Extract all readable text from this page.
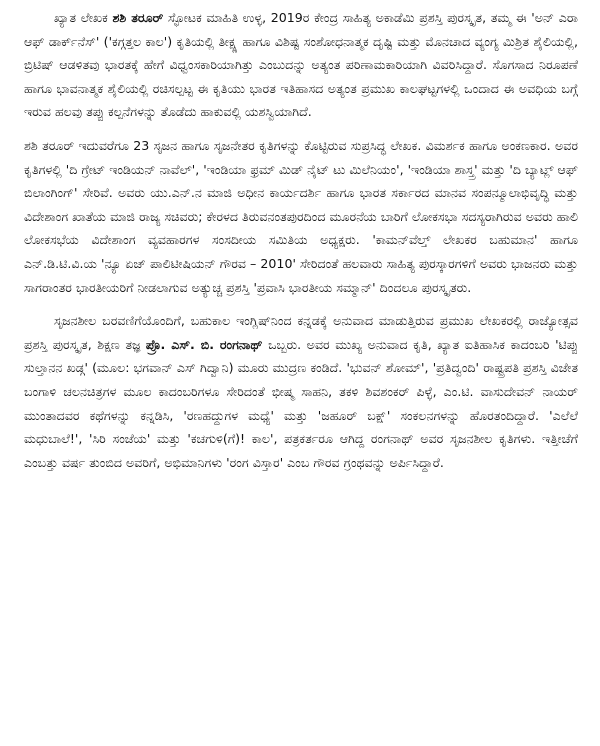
ಖ್ಯಾತ ಲೇಖಕ ಶಶಿ ತರೂರ್ ಸ್ಫೋಟಕ ಮಾಹಿತಿ ಉಳ್ಳ, 2019ರ ಕೇಂದ್ರ ಸಾಹಿತ್ಯ ಅಕಾಡೆಮಿ ಪ್ರಶಸ್ತಿ ಪುರಸ್ಕೃತ, ತಮ್ಮ ಈ 'ಅನ್ ಎರಾ ಆಫ್ ಡಾರ್ಕ್‌ನೆಸ್' ('ಕಗ್ಗತ್ತಲ ಕಾಲ') ಕೃತಿಯಲ್ಲಿ ತೀಕ್ಷ್ಣ ಹಾಗೂ ವಿಶಿಷ್ಟ ಸಂಶೋಧನಾತ್ಮಕ ದೃಷ್ಟಿ ಮತ್ತು ಮೊನಚಾದ ವ್ಯಂಗ್ಯ ಮಿಶ್ರಿತ ಶೈಲಿಯಲ್ಲಿ, ಬ್ರಿಟಿಷ್ ಆಡಳಿತವು ಭಾರತಕ್ಕೆ ಹೇಗೆ ವಿಧ್ವಂಸಕಾರಿಯಾಗಿತ್ತು ಎಂಬುದನ್ನು ಅತ್ಯಂತ ಪರಿಣಾಮಕಾರಿಯಾಗಿ ವಿವರಿಸಿದ್ದಾರೆ. ಸೊಗಸಾದ ನಿರೂಪಣೆ ಹಾಗೂ ಭಾವನಾತ್ಮಕ ಶೈಲಿಯಲ್ಲಿ ರಚಿಸಲ್ಪಟ್ಟ ಈ ಕೃತಿಯು ಭಾರತ ಇತಿಹಾಸದ ಅತ್ಯಂತ ಪ್ರಮುಖ ಕಾಲಘಟ್ಟಗಳಲ್ಲಿ ಒಂದಾದ ಈ ಅವಧಿಯ ಬಗ್ಗೆ ಇರುವ ಹಲವು ತಪ್ಪು ಕಲ್ಪನೆಗಳನ್ನು ತೊಡೆದು ಹಾಕುವಲ್ಲಿ ಯಶಸ್ವಿಯಾಗಿದೆ.

ಶಶಿ ತರೂರ್ ಇದುವರೆಗೂ 23 ಸೃಜನ ಹಾಗೂ ಸೃಜನೇತರ ಕೃತಿಗಳನ್ನು ಕೊಟ್ಟಿರುವ ಸುಪ್ರಸಿದ್ಧ ಲೇಖಕ. ವಿಮರ್ಶಕ ಹಾಗೂ ಅಂಕಣಕಾರ. ಅವರ ಕೃತಿಗಳಲ್ಲಿ 'ದಿ ಗ್ರೇಟ್ ಇಂಡಿಯನ್ ನಾವೆಲ್', 'ಇಂಡಿಯಾ ಫ್ರಮ್ ಮಿಡ್ ನೈಟ್ ಟು ಮಿಲೆನಿಯಂ', 'ಇಂಡಿಯಾ ಶಾಸ್ತ್ರ' ಮತ್ತು 'ದಿ ಬ್ಯಾಟ್ಲ್ ಆಫ್ ಬಿಲಾಂಗಿಂಗ್' ಸೇರಿವೆ. ಅವರು ಯು.ಎನ್.ನ ಮಾಜಿ ಅಧೀನ ಕಾರ್ಯದರ್ಶಿ ಹಾಗೂ ಭಾರತ ಸರ್ಕಾರದ ಮಾನವ ಸಂಪನ್ಮೂಲಾಭಿವೃದ್ಧಿ ಮತ್ತು ವಿದೇಶಾಂಗ ಖಾತೆಯ ಮಾಜಿ ರಾಜ್ಯ ಸಚಿವರು; ಕೇರಳದ ತಿರುವನಂತಪುರದಿಂದ ಮೂರನೆಯ ಬಾರಿಗೆ ಲೋಕಸಭಾ ಸದಸ್ಯರಾಗಿರುವ ಅವರು ಹಾಲಿ ಲೋಕಸಭೆಯ ವಿದೇಶಾಂಗ ವ್ಯವಹಾರಗಳ ಸಂಸದೀಯ ಸಮಿತಿಯ ಅಧ್ಯಕ್ಷರು. 'ಕಾಮನ್‌ವೆಲ್ತ್ ಲೇಖಕರ ಬಹುಮಾನ' ಹಾಗೂ ಎನ್.ಡಿ.ಟಿ.ವಿ.ಯ 'ನ್ಯೂ ಏಜ್ ಪಾಲಿಟೀಷಿಯನ್ ಗೌರವ – 2010' ಸೇರಿದಂತೆ ಹಲವಾರು ಸಾಹಿತ್ಯ ಪುರಸ್ಕಾರಗಳಿಗೆ ಅವರು ಭಾಜನರು ಮತ್ತು ಸಾಗರಾಂತರ ಭಾರತೀಯರಿಗೆ ನೀಡಲಾಗುವ ಅತ್ಯುಚ್ಚ ಪ್ರಶಸ್ತಿ 'ಪ್ರವಾಸಿ ಭಾರತೀಯ ಸಮ್ಮಾನ್' ದಿಂದಲೂ ಪುರಸ್ಕೃತರು.

ಸೃಜನಶೀಲ ಬರವಣಿಗೆಯೊಂದಿಗೆ, ಬಹುಕಾಲ ಇಂಗ್ಲಿಷ್‌ನಿಂದ ಕನ್ನಡಕ್ಕೆ ಅನುವಾದ ಮಾಡುತ್ತಿರುವ ಪ್ರಮುಖ ಲೇಖಕರಲ್ಲಿ ರಾಜ್ಯೋತ್ಸವ ಪ್ರಶಸ್ತಿ ಪುರಸ್ಕೃತ, ಶಿಕ್ಷಣ ತಜ್ಞ ಪ್ರೊ. ಎಸ್. ಬಿ. ರಂಗನಾಥ್ ಒಬ್ಬರು. ಅವರ ಮುಖ್ಯ ಅನುವಾದ ಕೃತಿ, ಖ್ಯಾತ ಐತಿಹಾಸಿಕ ಕಾದಂಬರಿ 'ಟಿಪ್ಪು ಸುಲ್ತಾನನ ಖಡ್ಗ' (ಮೂಲ: ಭಗವಾನ್ ಎಸ್ ಗಿದ್ವಾನಿ) ಮೂರು ಮುದ್ರಣ ಕಂಡಿದೆ. 'ಭುವನ್ ಶೋಮ್', 'ಪ್ರತಿದ್ವಂದಿ' ರಾಷ್ಟ್ರಪತಿ ಪ್ರಶಸ್ತಿ ವಿಜೇತ ಬಂಗಾಳಿ ಚಲನಚಿತ್ರಗಳ ಮೂಲ ಕಾದಂಬರಿಗಳೂ ಸೇರಿದಂತೆ ಭೀಷ್ಮ ಸಾಹನಿ, ತಕಳಿ ಶಿವಶಂಕರ್ ಪಿಳ್ಳೆ, ಎಂ.ಟಿ. ವಾಸುದೇವನ್ ನಾಯರ್ ಮುಂತಾದವರ ಕಥೆಗಳನ್ನು ಕನ್ನಡಿಸಿ, 'ರಣಹದ್ದುಗಳ ಮಧ್ಯೆ' ಮತ್ತು 'ಜಹೂರ್ ಬಕ್ಷ್' ಸಂಕಲನಗಳನ್ನು ಹೊರತಂದಿದ್ದಾರೆ. 'ಎಲೆಲೆ ಮಧುಬಾಲೆ!', 'ಸಿರಿ ಸಂಜೆಯ' ಮತ್ತು 'ಕಚಗುಳಿ(ಗೆ)! ಕಾಲ', ಪತ್ರಕರ್ತರೂ ಆಗಿದ್ದ ರಂಗನಾಥ್ ಅವರ ಸೃಜನಶೀಲ ಕೃತಿಗಳು. ಇತ್ತೀಚೆಗೆ ಎಂಬತ್ತು ವರ್ಷ ತುಂಬಿದ ಅವರಿಗೆ, ಅಭಿಮಾನಿಗಳು 'ರಂಗ ವಿಸ್ತಾರ' ಎಂಬ ಗೌರವ ಗ್ರಂಥವನ್ನು ಅರ್ಪಿಸಿದ್ದಾರೆ.
